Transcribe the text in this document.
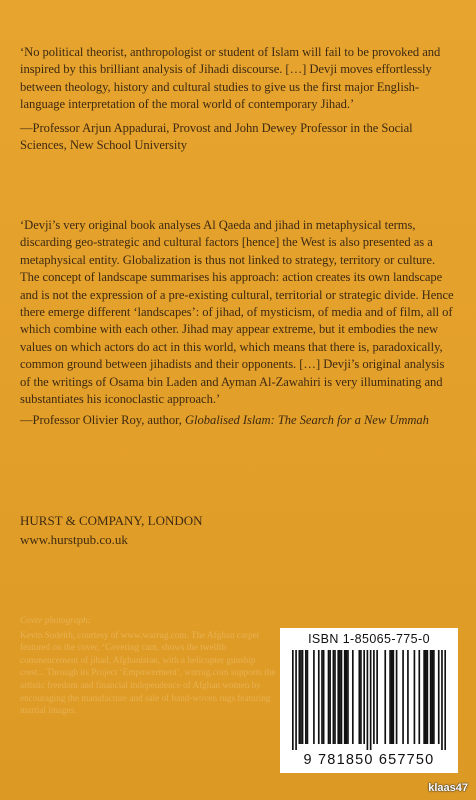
‘No political theorist, anthropologist or student of Islam will fail to be provoked and inspired by this brilliant analysis of Jihadi discourse. […] Devji moves effortlessly between theology, history and cultural studies to give us the first major English-language interpretation of the moral world of contemporary Jihad.’
—Professor Arjun Appadurai, Provost and John Dewey Professor in the Social Sciences, New School University
‘Devji’s very original book analyses Al Qaeda and jihad in metaphysical terms, discarding geo-strategic and cultural factors [hence] the West is also presented as a metaphysical entity. Globalization is thus not linked to strategy, territory or culture. The concept of landscape summarises his approach: action creates its own landscape and is not the expression of a pre-existing cultural, territorial or strategic divide. Hence there emerge different ‘landscapes’: of jihad, of mysticism, of media and of film, all of which combine with each other. Jihad may appear extreme, but it embodies the new values on which actors do act in this world, which means that there is, paradoxically, common ground between jihadists and their opponents. […] Devji’s original analysis of the writings of Osama bin Laden and Ayman Al-Zawahiri is very illuminating and substantiates his iconoclastic approach.’
—Professor Olivier Roy, author, Globalised Islam: The Search for a New Ummah
HURST & COMPANY, LONDON
www.hurstpub.co.uk
Cover photograph:
Kevin Sudeith, courtesy of www.warrug.com. The Afghan carpet featured on the cover, ‘Covering cam, shows the twelfth commencement of jihad, Afghanistan, with a helicopter gunship crest... Through its Project ‘Empowerment’, warrug.com supports the artistic freedom and financial independence of Afghan women by encouraging the manufacture and sale of hand-woven rugs featuring martial images.
ISBN 1-85065-775-0
9 781850 657750
klaas47
